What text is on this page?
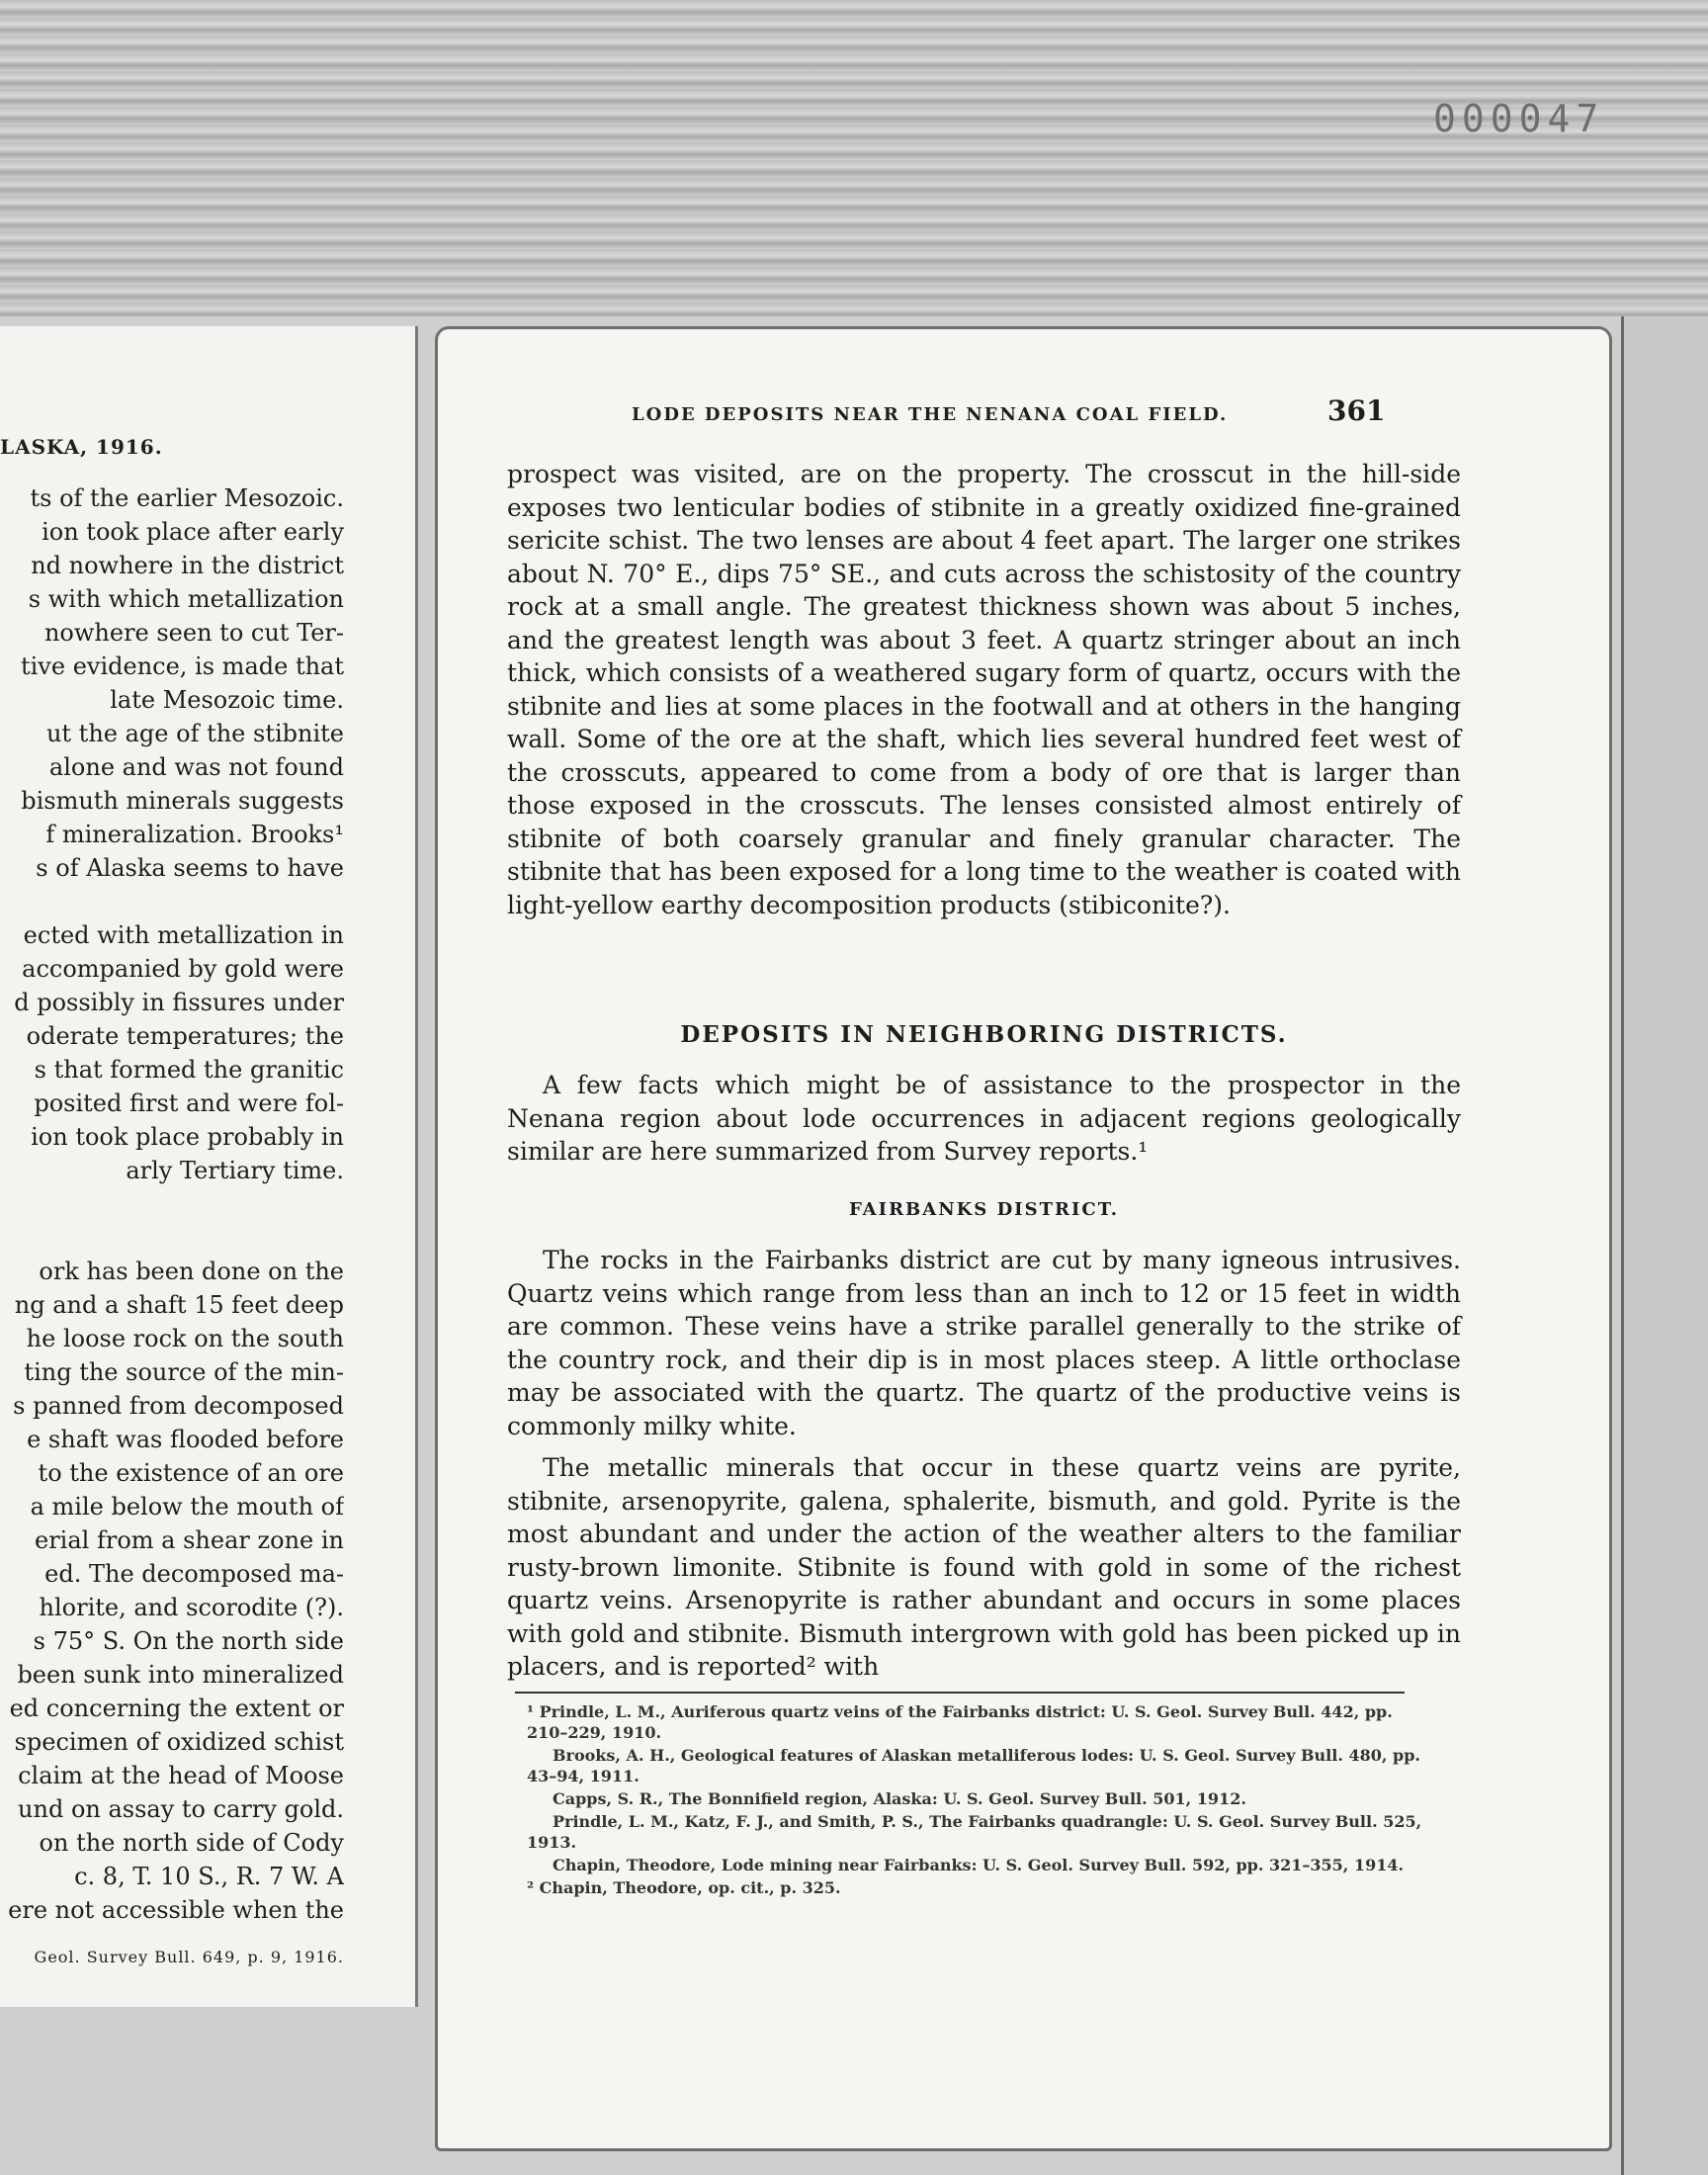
000047
LASKA, 1916.
ts of the earlier Mesozoic.
ion took place after early
nd nowhere in the district
s with which metallization
nowhere seen to cut Ter-
tive evidence, is made that
late Mesozoic time.
ut the age of the stibnite
alone and was not found
bismuth minerals suggests
f mineralization. Brooks¹
s of Alaska seems to have
ected with metallization in
accompanied by gold were
d possibly in fissures under
oderate temperatures; the
s that formed the granitic
posited first and were fol-
ion took place probably in
arly Tertiary time.
ork has been done on the
ng and a shaft 15 feet deep
he loose rock on the south
ting the source of the min-
s panned from decomposed
e shaft was flooded before
to the existence of an ore
a mile below the mouth of
erial from a shear zone in
ed. The decomposed ma-
hlorite, and scorodite (?).
s 75° S. On the north side
been sunk into mineralized
ed concerning the extent or
specimen of oxidized schist
claim at the head of Moose
und on assay to carry gold.
on the north side of Cody
c. 8, T. 10 S., R. 7 W. A
ere not accessible when the
Geol. Survey Bull. 649, p. 9, 1916.
LODE DEPOSITS NEAR THE NENANA COAL FIELD.	361

prospect was visited, are on the property. The crosscut in the hill-side exposes two lenticular bodies of stibnite in a greatly oxidized fine-grained sericite schist. The two lenses are about 4 feet apart. The larger one strikes about N. 70° E., dips 75° SE., and cuts across the schistosity of the country rock at a small angle. The greatest thickness shown was about 5 inches, and the greatest length was about 3 feet. A quartz stringer about an inch thick, which consists of a weathered sugary form of quartz, occurs with the stibnite and lies at some places in the footwall and at others in the hanging wall. Some of the ore at the shaft, which lies several hundred feet west of the crosscuts, appeared to come from a body of ore that is larger than those exposed in the crosscuts. The lenses consisted almost entirely of stibnite of both coarsely granular and finely granular character. The stibnite that has been exposed for a long time to the weather is coated with light-yellow earthy decomposition products (stibiconite?).

DEPOSITS IN NEIGHBORING DISTRICTS.

A few facts which might be of assistance to the prospector in the Nenana region about lode occurrences in adjacent regions geologically similar are here summarized from Survey reports.¹

FAIRBANKS DISTRICT.

The rocks in the Fairbanks district are cut by many igneous intrusives. Quartz veins which range from less than an inch to 12 or 15 feet in width are common. These veins have a strike parallel generally to the strike of the country rock, and their dip is in most places steep. A little orthoclase may be associated with the quartz. The quartz of the productive veins is commonly milky white.

The metallic minerals that occur in these quartz veins are pyrite, stibnite, arsenopyrite, galena, sphalerite, bismuth, and gold. Pyrite is the most abundant and under the action of the weather alters to the familiar rusty-brown limonite. Stibnite is found with gold in some of the richest quartz veins. Arsenopyrite is rather abundant and occurs in some places with gold and stibnite. Bismuth intergrown with gold has been picked up in placers, and is reported² with

¹ Prindle, L. M., Auriferous quartz veins of the Fairbanks district: U. S. Geol. Survey Bull. 442, pp. 210–229, 1910.

Brooks, A. H., Geological features of Alaskan metalliferous lodes: U. S. Geol. Survey Bull. 480, pp. 43–94, 1911.

Capps, S. R., The Bonnifield region, Alaska: U. S. Geol. Survey Bull. 501, 1912.

Prindle, L. M., Katz, F. J., and Smith, P. S., The Fairbanks quadrangle: U. S. Geol. Survey Bull. 525, 1913.

Chapin, Theodore, Lode mining near Fairbanks: U. S. Geol. Survey Bull. 592, pp. 321–355, 1914.

² Chapin, Theodore, op. cit., p. 325.
